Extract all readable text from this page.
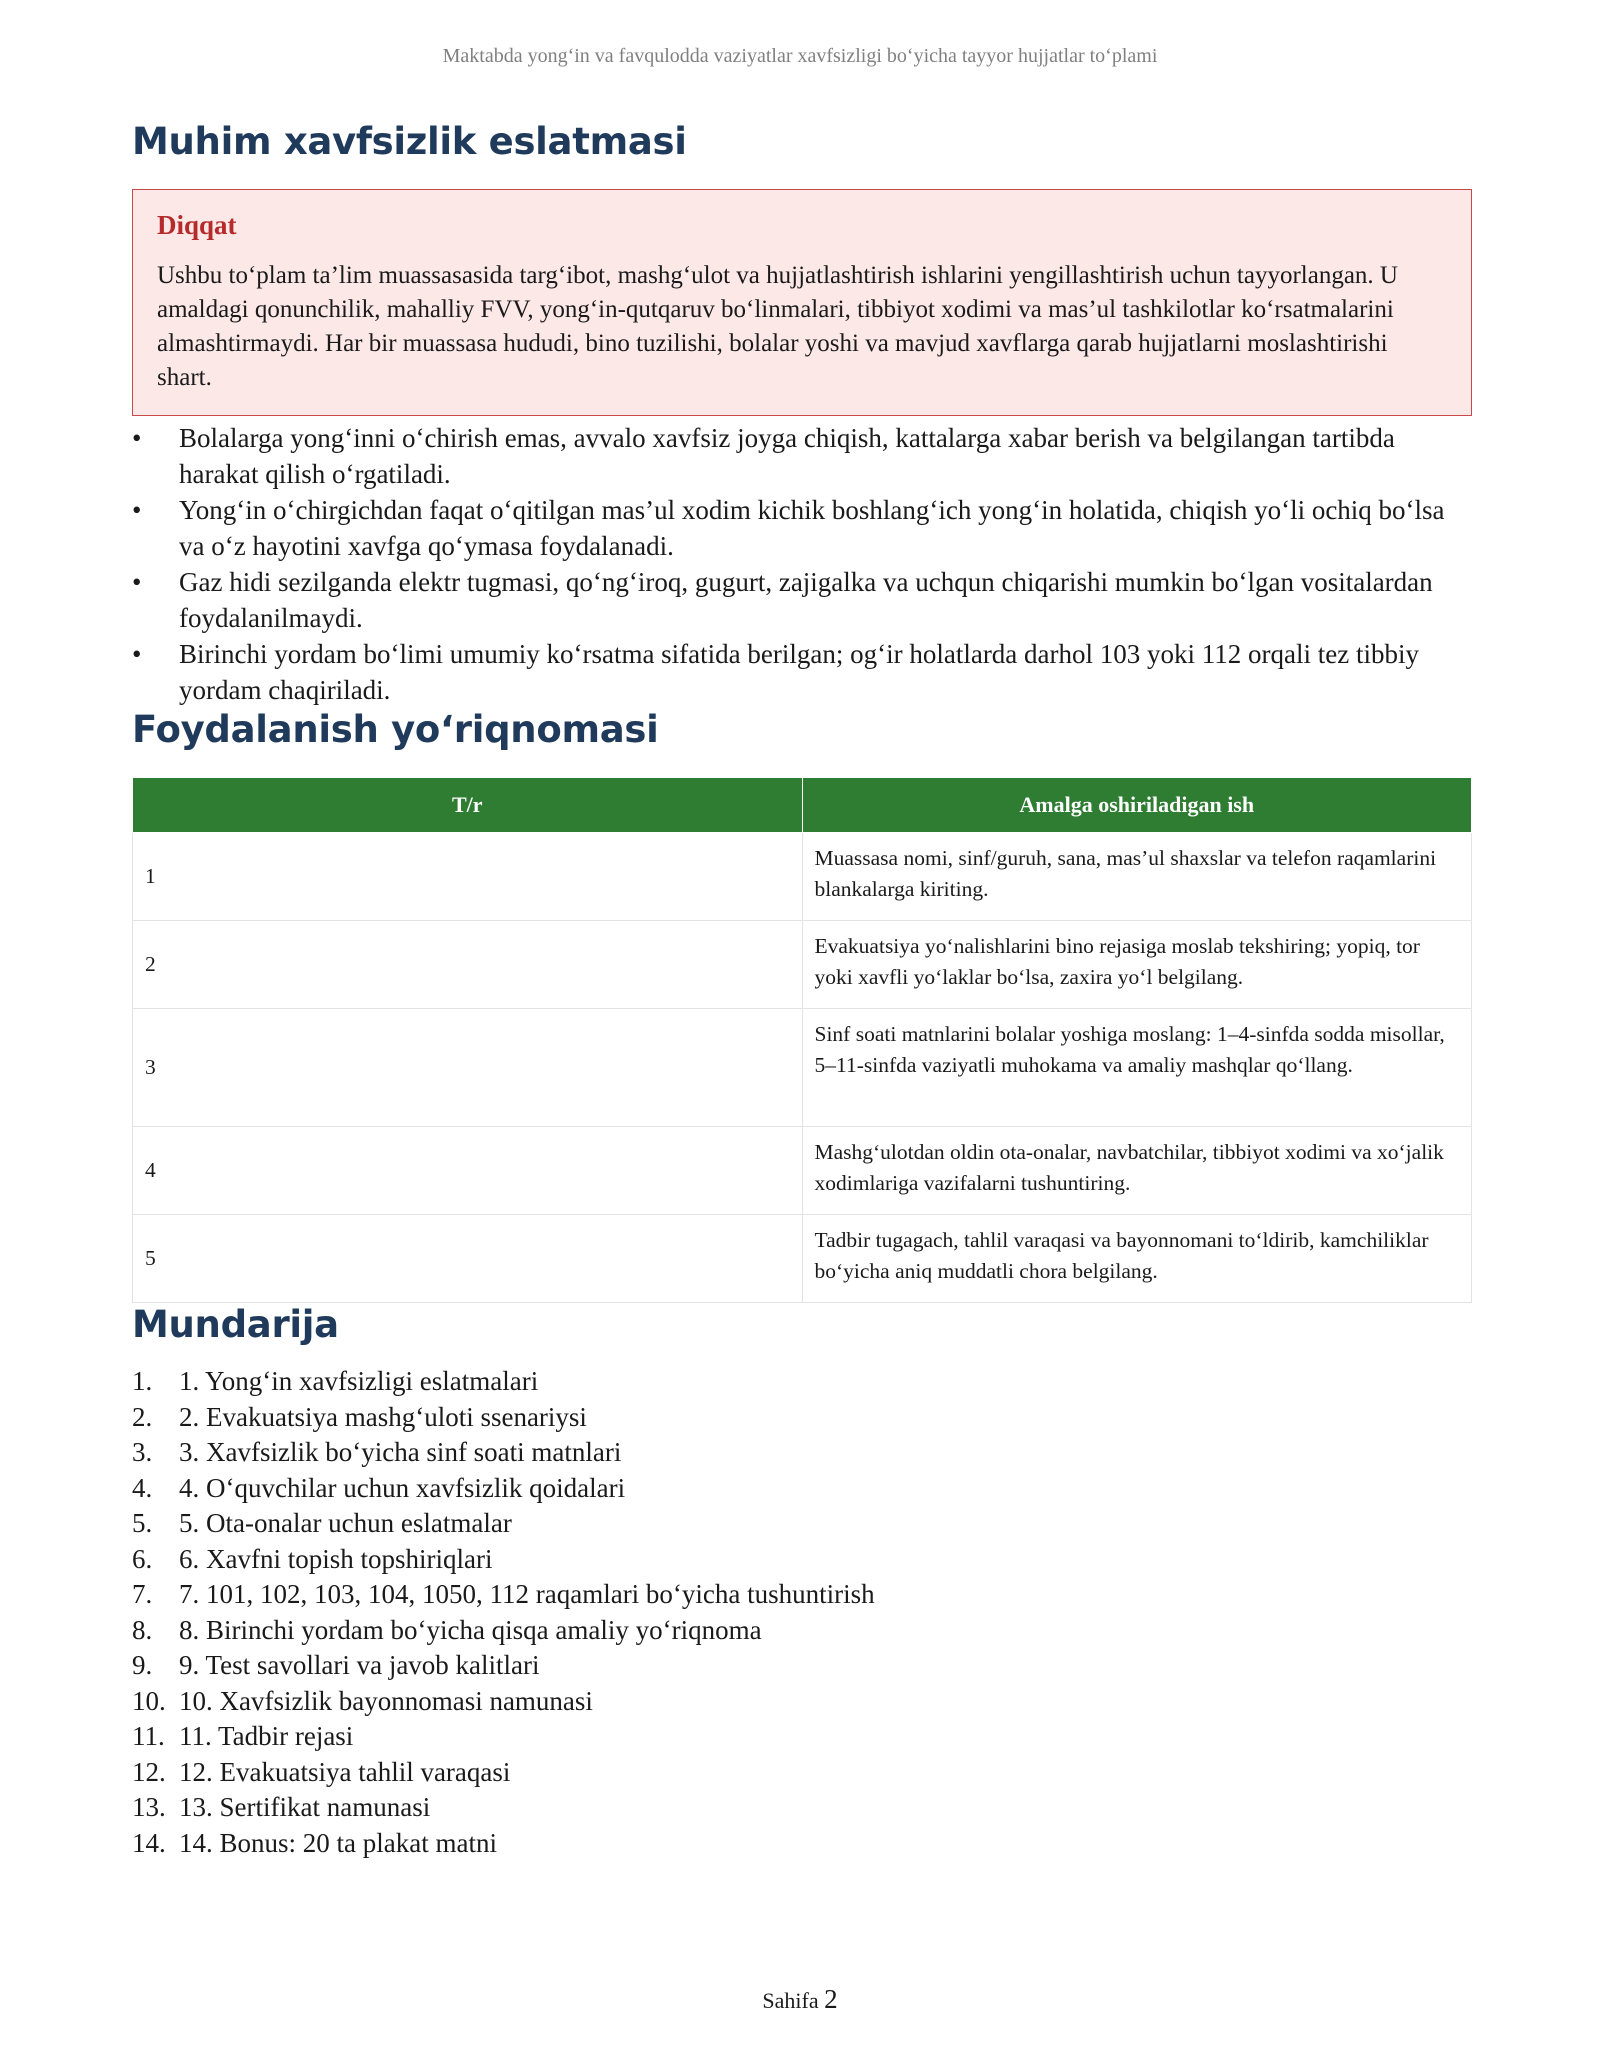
Maktabda yong‘in va favqulodda vaziyatlar xavfsizligi bo‘yicha tayyor hujjatlar to‘plami
Muhim xavfsizlik eslatmasi
Diqqat
Ushbu to‘plam ta’lim muassasasida targ‘ibot, mashg‘ulot va hujjatlashtirish ishlarini yengillashtirish uchun tayyorlangan. U amaldagi qonunchilik, mahalliy FVV, yong‘in-qutqaruv bo‘linmalari, tibbiyot xodimi va mas’ul tashkilotlar ko‘rsatmalarini almashtirmaydi. Har bir muassasa hududi, bino tuzilishi, bolalar yoshi va mavjud xavflarga qarab hujjatlarni moslashtirishi shart.
•	Bolalarga yong‘inni o‘chirish emas, avvalo xavfsiz joyga chiqish, kattalarga xabar berish va belgilangan tartibda harakat qilish o‘rgatiladi.
•	Yong‘in o‘chirgichdan faqat o‘qitilgan mas’ul xodim kichik boshlang‘ich yong‘in holatida, chiqish yo‘li ochiq bo‘lsa va o‘z hayotini xavfga qo‘ymasa foydalanadi.
•	Gaz hidi sezilganda elektr tugmasi, qo‘ng‘iroq, gugurt, zajigalka va uchqun chiqarishi mumkin bo‘lgan vositalardan foydalanilmaydi.
•	Birinchi yordam bo‘limi umumiy ko‘rsatma sifatida berilgan; og‘ir holatlarda darhol 103 yoki 112 orqali tez tibbiy yordam chaqiriladi.
Foydalanish yo‘riqnomasi
T/r	Amalga oshiriladigan ish
1	Muassasa nomi, sinf/guruh, sana, mas’ul shaxslar va telefon raqamlarini blankalarga kiriting.
2	Evakuatsiya yo‘nalishlarini bino rejasiga moslab tekshiring; yopiq, tor yoki xavfli yo‘laklar bo‘lsa, zaxira yo‘l belgilang.
3	Sinf soati matnlarini bolalar yoshiga moslang: 1–4-sinfda sodda misollar, 5–11-sinfda vaziyatli muhokama va amaliy mashqlar qo‘llang.
4	Mashg‘ulotdan oldin ota-onalar, navbatchilar, tibbiyot xodimi va xo‘jalik xodimlariga vazifalarni tushuntiring.
5	Tadbir tugagach, tahlil varaqasi va bayonnomani to‘ldirib, kamchiliklar bo‘yicha aniq muddatli chora belgilang.
Mundarija
1. 1. Yong‘in xavfsizligi eslatmalari
2. 2. Evakuatsiya mashg‘uloti ssenariysi
3. 3. Xavfsizlik bo‘yicha sinf soati matnlari
4. 4. O‘quvchilar uchun xavfsizlik qoidalari
5. 5. Ota-onalar uchun eslatmalar
6. 6. Xavfni topish topshiriqlari
7. 7. 101, 102, 103, 104, 1050, 112 raqamlari bo‘yicha tushuntirish
8. 8. Birinchi yordam bo‘yicha qisqa amaliy yo‘riqnoma
9. 9. Test savollari va javob kalitlari
10. 10. Xavfsizlik bayonnomasi namunasi
11. 11. Tadbir rejasi
12. 12. Evakuatsiya tahlil varaqasi
13. 13. Sertifikat namunasi
14. 14. Bonus: 20 ta plakat matni
Sahifa 2
